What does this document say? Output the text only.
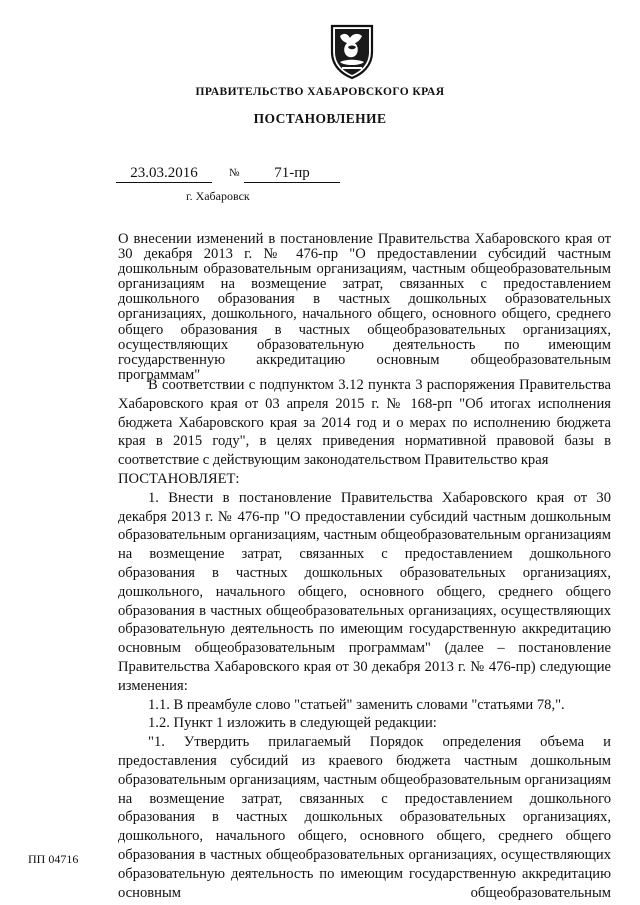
ПРАВИТЕЛЬСТВО ХАБАРОВСКОГО КРАЯ
ПОСТАНОВЛЕНИЕ
23.03.2016	№	71-пр
г. Хабаровск
О внесении изменений в постановление Правительства Хабаровского края от 30 декабря 2013 г. № 476-пр "О предоставлении субсидий частным дошкольным образовательным организациям, частным общеобразовательным организациям на возмещение затрат, связанных с предоставлением дошкольного образования в частных дошкольных образовательных организациях, дошкольного, начального общего, основного общего, среднего общего образования в частных общеобразовательных организациях, осуществляющих образовательную деятельность по имеющим государственную аккредитацию основным общеобразовательным программам"

В соответствии с подпунктом 3.12 пункта 3 распоряжения Правительства Хабаровского края от 03 апреля 2015 г. № 168-рп "Об итогах исполнения бюджета Хабаровского края за 2014 год и о мерах по исполнению бюджета края в 2015 году", в целях приведения нормативной правовой базы в соответствие с действующим законодательством Правительство края

ПОСТАНОВЛЯЕТ:

1. Внести в постановление Правительства Хабаровского края от 30 декабря 2013 г. № 476-пр "О предоставлении субсидий частным дошкольным образовательным организациям, частным общеобразовательным организациям на возмещение затрат, связанных с предоставлением дошкольного образования в частных дошкольных образовательных организациях, дошкольного, начального общего, основного общего, среднего общего образования в частных общеобразовательных организациях, осуществляющих образовательную деятельность по имеющим государственную аккредитацию основным общеобразовательным программам" (далее – постановление Правительства Хабаровского края от 30 декабря 2013 г. № 476-пр) следующие изменения:

1.1. В преамбуле слово "статьей" заменить словами "статьями 78,".

1.2. Пункт 1 изложить в следующей редакции:

"1. Утвердить прилагаемый Порядок определения объема и предоставления субсидий из краевого бюджета частным дошкольным образовательным организациям, частным общеобразовательным организациям на возмещение затрат, связанных с предоставлением дошкольного образования в частных дошкольных образовательных организациях, дошкольного, начального общего, основного общего, среднего общего образования в частных общеобразовательных организациях, осуществляющих образовательную деятельность по имеющим государственную аккредитацию основным общеобразовательным

ПП 04716
